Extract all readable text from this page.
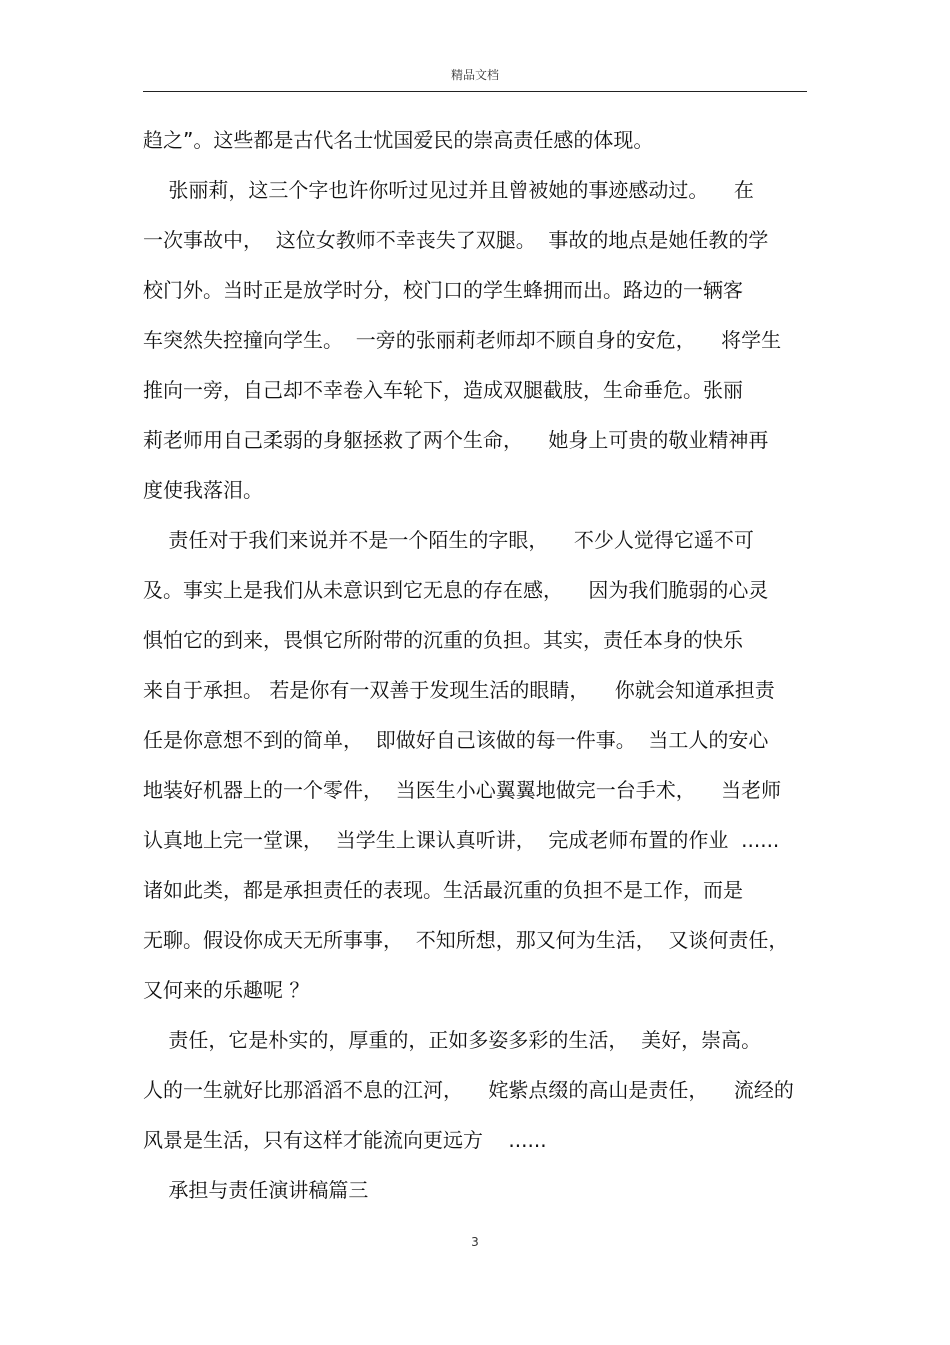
精品文档
趋之”。这些都是古代名士忧国爱民的崇高责任感的体现。
张丽莉，这三个字也许你听过见过并且曾被她的事迹感动过。    在
一次事故中，  这位女教师不幸丧失了双腿。  事故的地点是她任教的学
校门外。当时正是放学时分，校门口的学生蜂拥而出。路边的一辆客
车突然失控撞向学生。  一旁的张丽莉老师却不顾自身的安危，    将学生
推向一旁，自己却不幸卷入车轮下，造成双腿截肢，生命垂危。张丽
莉老师用自己柔弱的身躯拯救了两个生命，    她身上可贵的敬业精神再
度使我落泪。
责任对于我们来说并不是一个陌生的字眼，    不少人觉得它遥不可
及。事实上是我们从未意识到它无息的存在感，    因为我们脆弱的心灵
惧怕它的到来，畏惧它所附带的沉重的负担。其实，责任本身的快乐
来自于承担。 若是你有一双善于发现生活的眼睛，    你就会知道承担责
任是你意想不到的简单，  即做好自己该做的每一件事。  当工人的安心
地装好机器上的一个零件，  当医生小心翼翼地做完一台手术，    当老师
认真地上完一堂课，  当学生上课认真听讲，  完成老师布置的作业  ......
诸如此类，都是承担责任的表现。生活最沉重的负担不是工作，而是
无聊。假设你成天无所事事，  不知所想，那又何为生活，  又谈何责任，
又何来的乐趣呢 ？
责任，它是朴实的，厚重的，正如多姿多彩的生活，  美好，崇高。
人的一生就好比那滔滔不息的江河，    姹紫点缀的高山是责任，    流经的
风景是生活，只有这样才能流向更远方    ......
承担与责任演讲稿篇三
3
